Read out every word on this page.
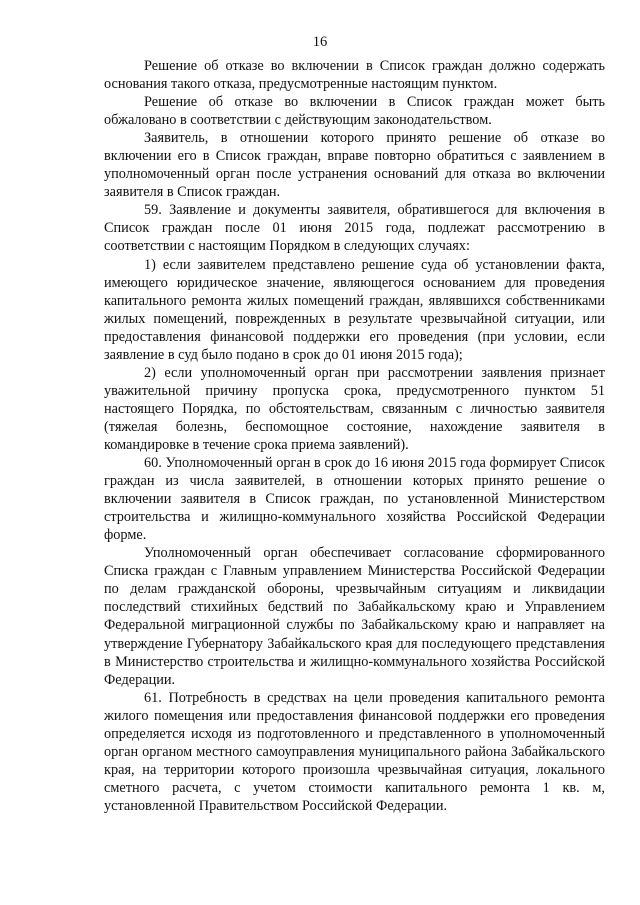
16

Решение об отказе во включении в Список граждан должно содержать основания такого отказа, предусмотренные настоящим пунктом.

Решение об отказе во включении в Список граждан может быть обжаловано в соответствии с действующим законодательством.

Заявитель, в отношении которого принято решение об отказе во включении его в Список граждан, вправе повторно обратиться с заявлением в уполномоченный орган после устранения оснований для отказа во включении заявителя в Список граждан.

59. Заявление и документы заявителя, обратившегося для включения в Список граждан после 01 июня 2015 года, подлежат рассмотрению в соответствии с настоящим Порядком в следующих случаях:

1) если заявителем представлено решение суда об установлении факта, имеющего юридическое значение, являющегося основанием для проведения капитального ремонта жилых помещений граждан, являвшихся собственниками жилых помещений, поврежденных в результате чрезвычайной ситуации, или предоставления финансовой поддержки его проведения (при условии, если заявление в суд было подано в срок до 01 июня 2015 года);

2) если уполномоченный орган при рассмотрении заявления признает уважительной причину пропуска срока, предусмотренного пунктом 51 настоящего Порядка, по обстоятельствам, связанным с личностью заявителя (тяжелая болезнь, беспомощное состояние, нахождение заявителя в командировке в течение срока приема заявлений).

60. Уполномоченный орган в срок до 16 июня 2015 года формирует Список граждан из числа заявителей, в отношении которых принято решение о включении заявителя в Список граждан, по установленной Министерством строительства и жилищно-коммунального хозяйства Российской Федерации форме.

Уполномоченный орган обеспечивает согласование сформированного Списка граждан с Главным управлением Министерства Российской Федерации по делам гражданской обороны, чрезвычайным ситуациям и ликвидации последствий стихийных бедствий по Забайкальскому краю и Управлением Федеральной миграционной службы по Забайкальскому краю и направляет на утверждение Губернатору Забайкальского края для последующего представления в Министерство строительства и жилищно-коммунального хозяйства Российской Федерации.

61. Потребность в средствах на цели проведения капитального ремонта жилого помещения или предоставления финансовой поддержки его проведения определяется исходя из подготовленного и представленного в уполномоченный орган органом местного самоуправления муниципального района Забайкальского края, на территории которого произошла чрезвычайная ситуация, локального сметного расчета, с учетом стоимости капитального ремонта 1 кв. м, установленной Правительством Российской Федерации.
